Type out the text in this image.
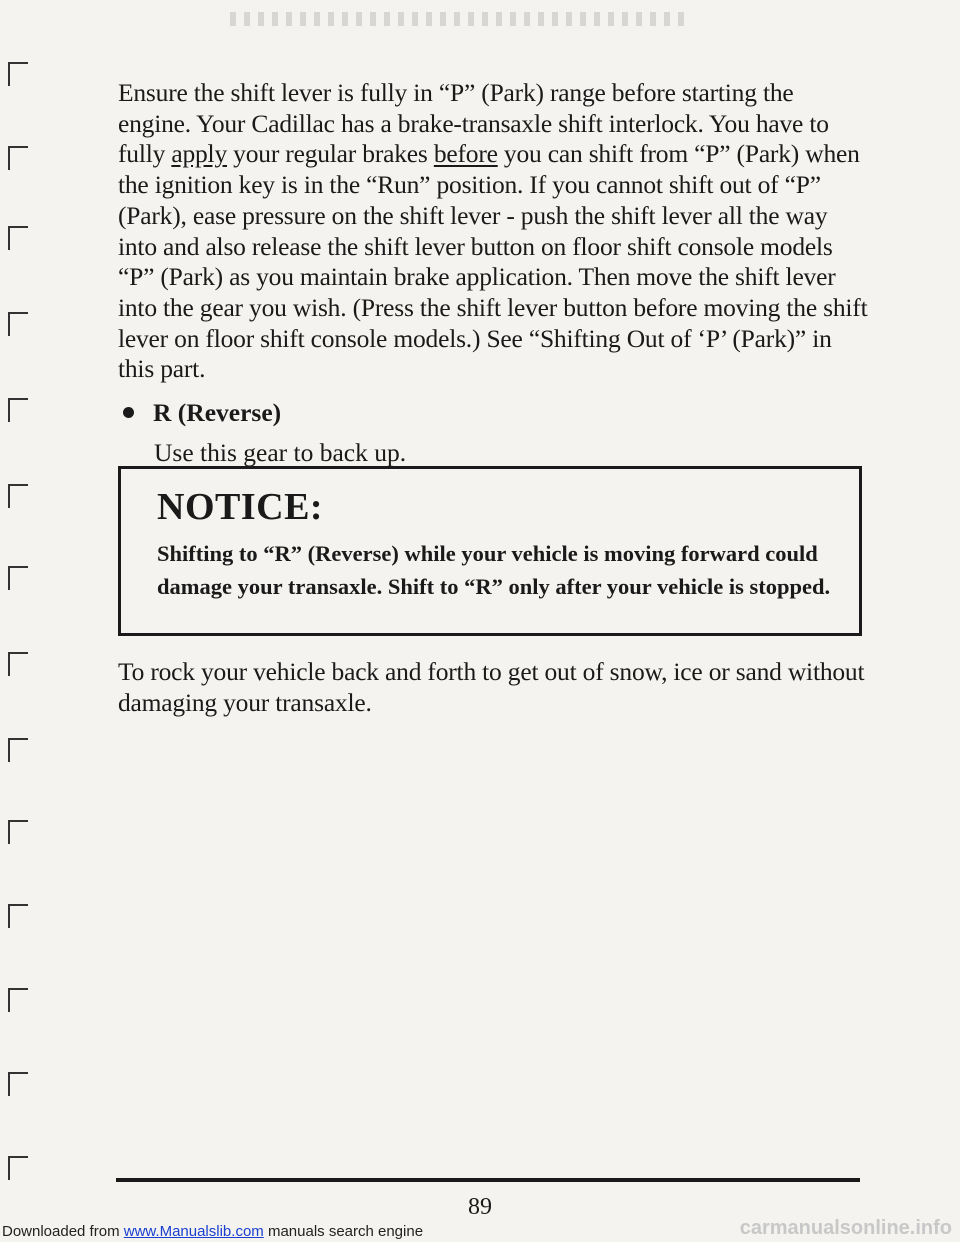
Ensure the shift lever is fully in “P” (Park) range before starting the engine. Your Cadillac has a brake-transaxle shift interlock. You have to fully apply your regular brakes before you can shift from “P” (Park) when the ignition key is in the “Run” position. If you cannot shift out of “P” (Park), ease pressure on the shift lever - push the shift lever all the way into and also release the shift lever button on floor shift console models “P” (Park) as you maintain brake application. Then move the shift lever into the gear you wish. (Press the shift lever button before moving the shift lever on floor shift console models.) See “Shifting Out of ‘P’ (Park)” in this part.

R (Reverse)

Use this gear to back up.

NOTICE:
Shifting to “R” (Reverse) while your vehicle is moving forward could damage your transaxle. Shift to “R” only after your vehicle is stopped.

To rock your vehicle back and forth to get out of snow, ice or sand without damaging your transaxle.

89
Downloaded from www.Manualslib.com manuals search engine	carmanualsonline.info
